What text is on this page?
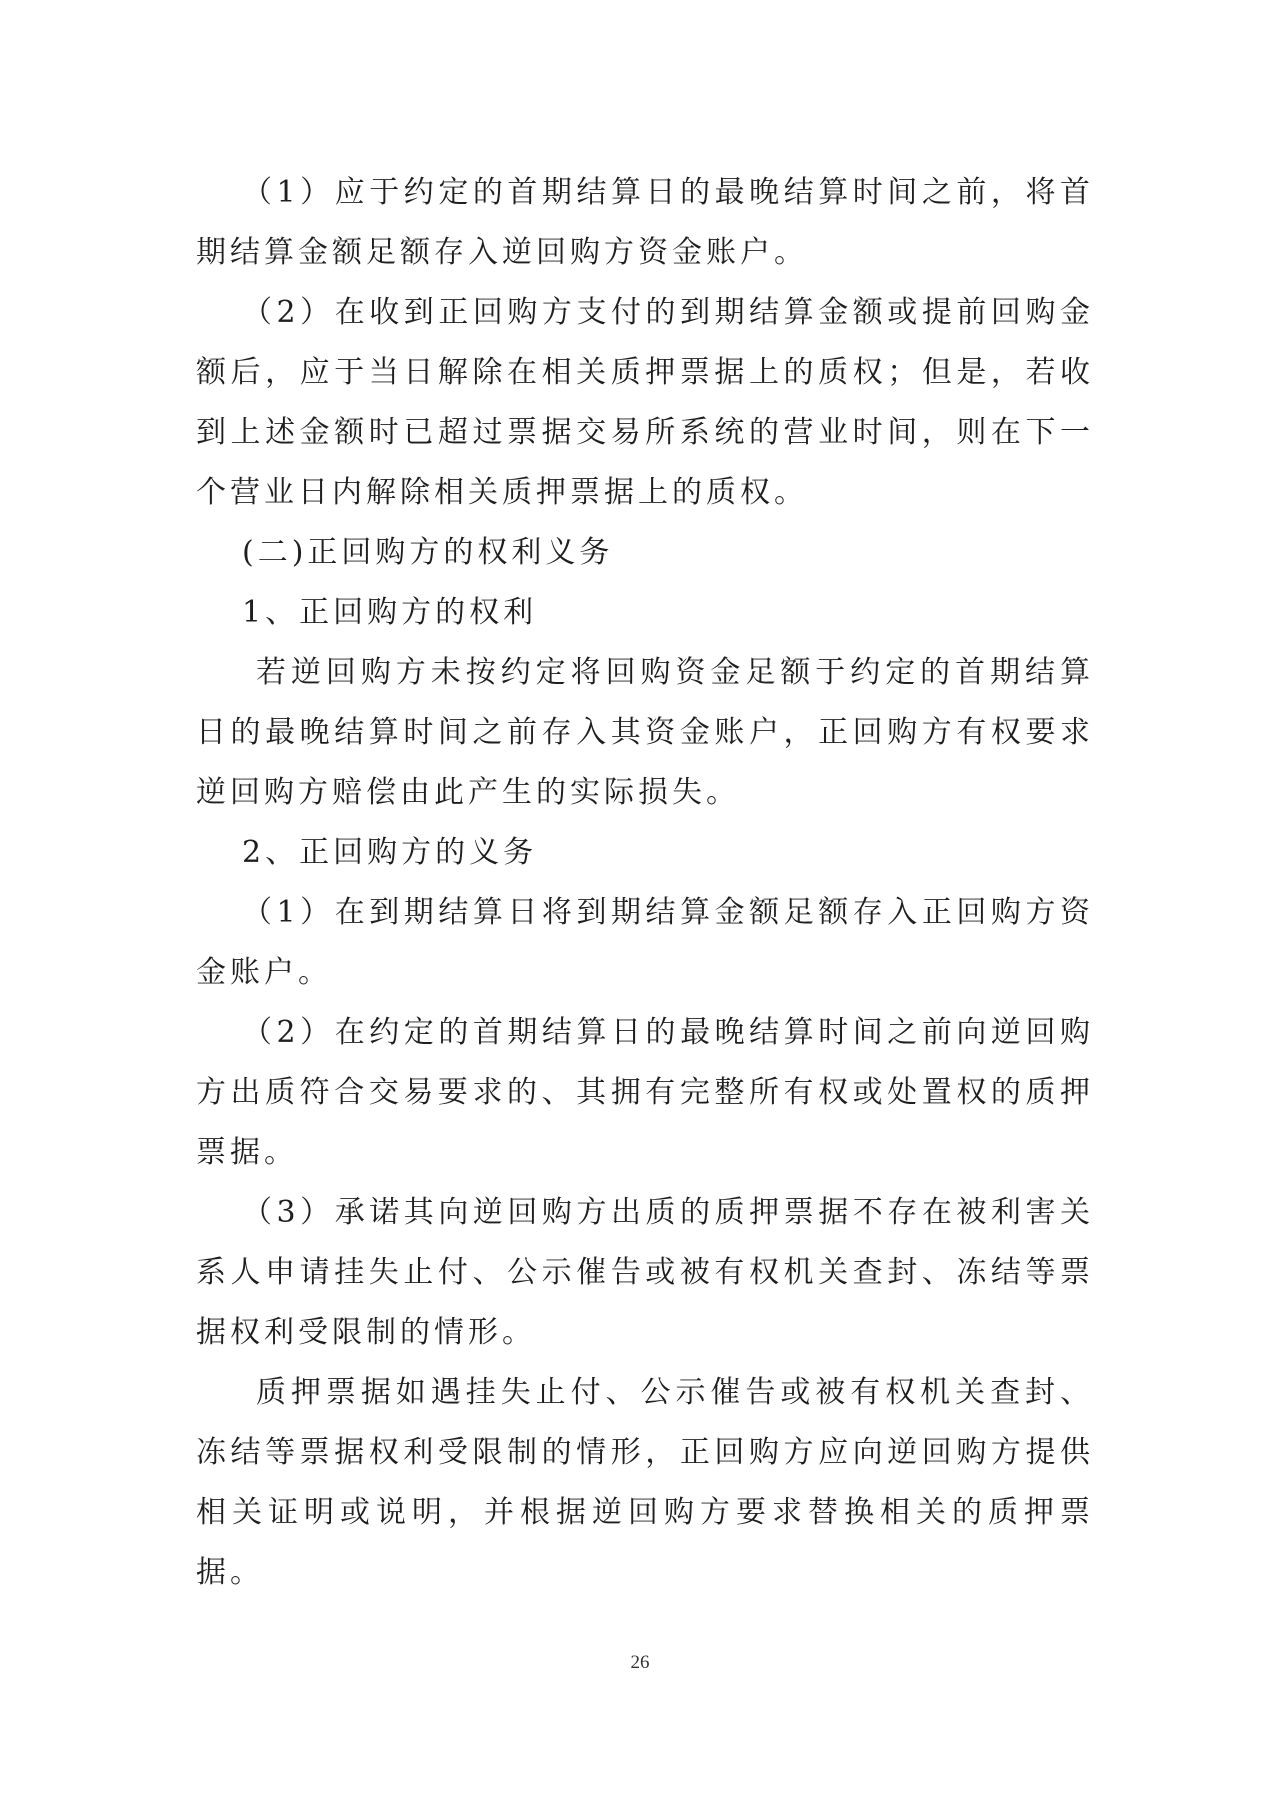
（1）应于约定的首期结算日的最晚结算时间之前，将首期结算金额足额存入逆回购方资金账户。

（2）在收到正回购方支付的到期结算金额或提前回购金额后，应于当日解除在相关质押票据上的质权；但是，若收到上述金额时已超过票据交易所系统的营业时间，则在下一个营业日内解除相关质押票据上的质权。

(二)正回购方的权利义务

1、正回购方的权利

若逆回购方未按约定将回购资金足额于约定的首期结算日的最晚结算时间之前存入其资金账户，正回购方有权要求逆回购方赔偿由此产生的实际损失。

2、正回购方的义务

（1）在到期结算日将到期结算金额足额存入正回购方资金账户。

（2）在约定的首期结算日的最晚结算时间之前向逆回购方出质符合交易要求的、其拥有完整所有权或处置权的质押票据。

（3）承诺其向逆回购方出质的质押票据不存在被利害关系人申请挂失止付、公示催告或被有权机关查封、冻结等票据权利受限制的情形。

质押票据如遇挂失止付、公示催告或被有权机关查封、冻结等票据权利受限制的情形，正回购方应向逆回购方提供相关证明或说明，并根据逆回购方要求替换相关的质押票据。

26
